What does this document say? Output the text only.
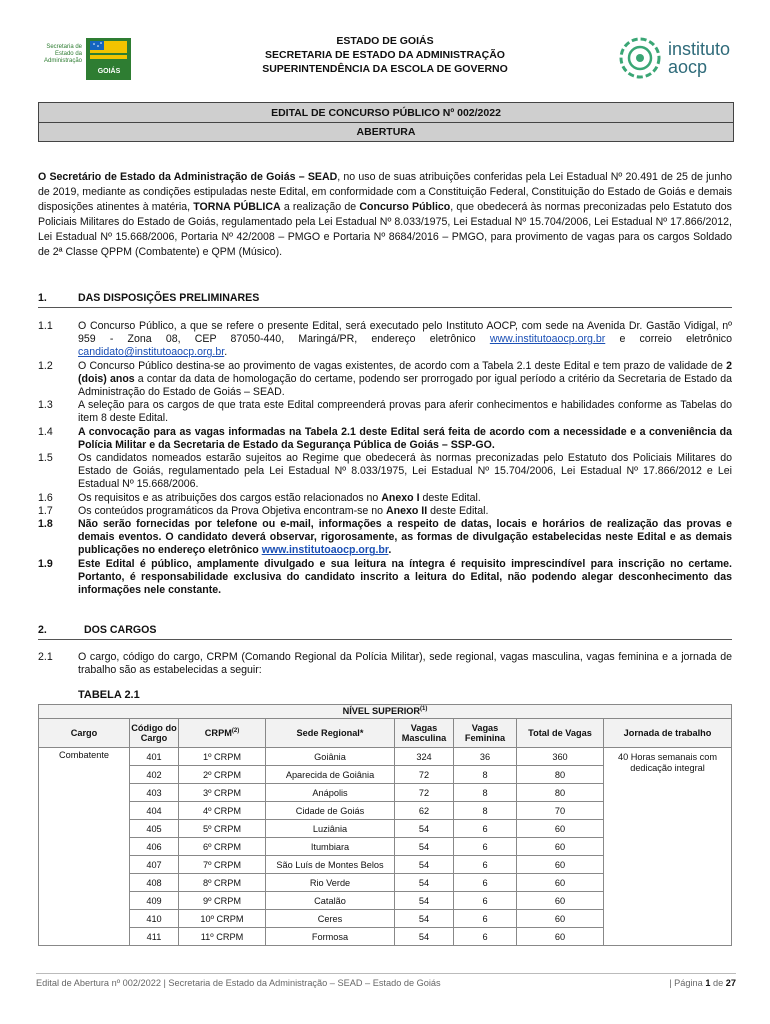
Secretaria de Estado da Administração
GOIÁS
ESTADO DE GOIÁS
SECRETARIA DE ESTADO DA ADMINISTRAÇÃO
SUPERINTENDÊNCIA DA ESCOLA DE GOVERNO
instituto
aocp
EDITAL DE CONCURSO PÚBLICO Nº 002/2022
ABERTURA

O Secretário de Estado da Administração de Goiás – SEAD, no uso de suas atribuições conferidas pela Lei Estadual Nº 20.491 de 25 de junho de 2019, mediante as condições estipuladas neste Edital, em conformidade com a Constituição Federal, Constituição do Estado de Goiás e demais disposições atinentes à matéria, TORNA PÚBLICA a realização de Concurso Público, que obedecerá às normas preconizadas pelo Estatuto dos Policiais Militares do Estado de Goiás, regulamentado pela Lei Estadual Nº 8.033/1975, Lei Estadual Nº 15.704/2006, Lei Estadual Nº 17.866/2012, Lei Estadual Nº 15.668/2006, Portaria Nº 42/2008 – PMGO e Portaria Nº 8684/2016 – PMGO, para provimento de vagas para os cargos Soldado de 2ª Classe QPPM (Combatente) e QPM (Músico).

1.	DAS DISPOSIÇÕES PRELIMINARES
1.1 O Concurso Público, a que se refere o presente Edital, será executado pelo Instituto AOCP, com sede na Avenida Dr. Gastão Vidigal, nº 959 - Zona 08, CEP 87050-440, Maringá/PR, endereço eletrônico www.institutoaocp.org.br e correio eletrônico candidato@institutoaocp.org.br.
1.2 O Concurso Público destina-se ao provimento de vagas existentes, de acordo com a Tabela 2.1 deste Edital e tem prazo de validade de 2 (dois) anos a contar da data de homologação do certame, podendo ser prorrogado por igual período a critério da Secretaria de Estado da Administração do Estado de Goiás – SEAD.
1.3 A seleção para os cargos de que trata este Edital compreenderá provas para aferir conhecimentos e habilidades conforme as Tabelas do item 8 deste Edital.
1.4 A convocação para as vagas informadas na Tabela 2.1 deste Edital será feita de acordo com a necessidade e a conveniência da Polícia Militar e da Secretaria de Estado da Segurança Pública de Goiás – SSP-GO.
1.5 Os candidatos nomeados estarão sujeitos ao Regime que obedecerá às normas preconizadas pelo Estatuto dos Policiais Militares do Estado de Goiás, regulamentado pela Lei Estadual Nº 8.033/1975, Lei Estadual Nº 15.704/2006, Lei Estadual Nº 17.866/2012 e Lei Estadual Nº 15.668/2006.
1.6 Os requisitos e as atribuições dos cargos estão relacionados no Anexo I deste Edital.
1.7 Os conteúdos programáticos da Prova Objetiva encontram-se no Anexo II deste Edital.
1.8 Não serão fornecidas por telefone ou e-mail, informações a respeito de datas, locais e horários de realização das provas e demais eventos. O candidato deverá observar, rigorosamente, as formas de divulgação estabelecidas neste Edital e as demais publicações no endereço eletrônico www.institutoaocp.org.br.
1.9 Este Edital é público, amplamente divulgado e sua leitura na íntegra é requisito imprescindível para inscrição no certame. Portanto, é responsabilidade exclusiva do candidato inscrito a leitura do Edital, não podendo alegar desconhecimento das informações nele constante.
2.	DOS CARGOS
2.1 O cargo, código do cargo, CRPM (Comando Regional da Polícia Militar), sede regional, vagas masculina, vagas feminina e a jornada de trabalho são as estabelecidas a seguir:
TABELA 2.1
NÍVEL SUPERIOR$^{(1)}$
Cargo	Código do Cargo	CRPM$^{(2)}$	Sede Regional*	Vagas Masculina	Vagas Feminina	Total de Vagas	Jornada de trabalho
Combatente	401	1º CRPM	Goiânia	324	36	360	40 Horas semanais com dedicação integral
	402	2º CRPM	Aparecida de Goiânia	72	8	80	
	403	3º CRPM	Anápolis	72	8	80	
	404	4º CRPM	Cidade de Goiás	62	8	70	
	405	5º CRPM	Luziânia	54	6	60	
	406	6º CRPM	Itumbiara	54	6	60	
	407	7º CRPM	São Luís de Montes Belos	54	6	60	
	408	8º CRPM	Rio Verde	54	6	60	
	409	9º CRPM	Catalão	54	6	60	
	410	10º CRPM	Ceres	54	6	60	
	411	11º CRPM	Formosa	54	6	60	
Edital de Abertura nº 002/2022 | Secretaria de Estado da Administração – SEAD – Estado de Goiás	| Página 1 de 27
